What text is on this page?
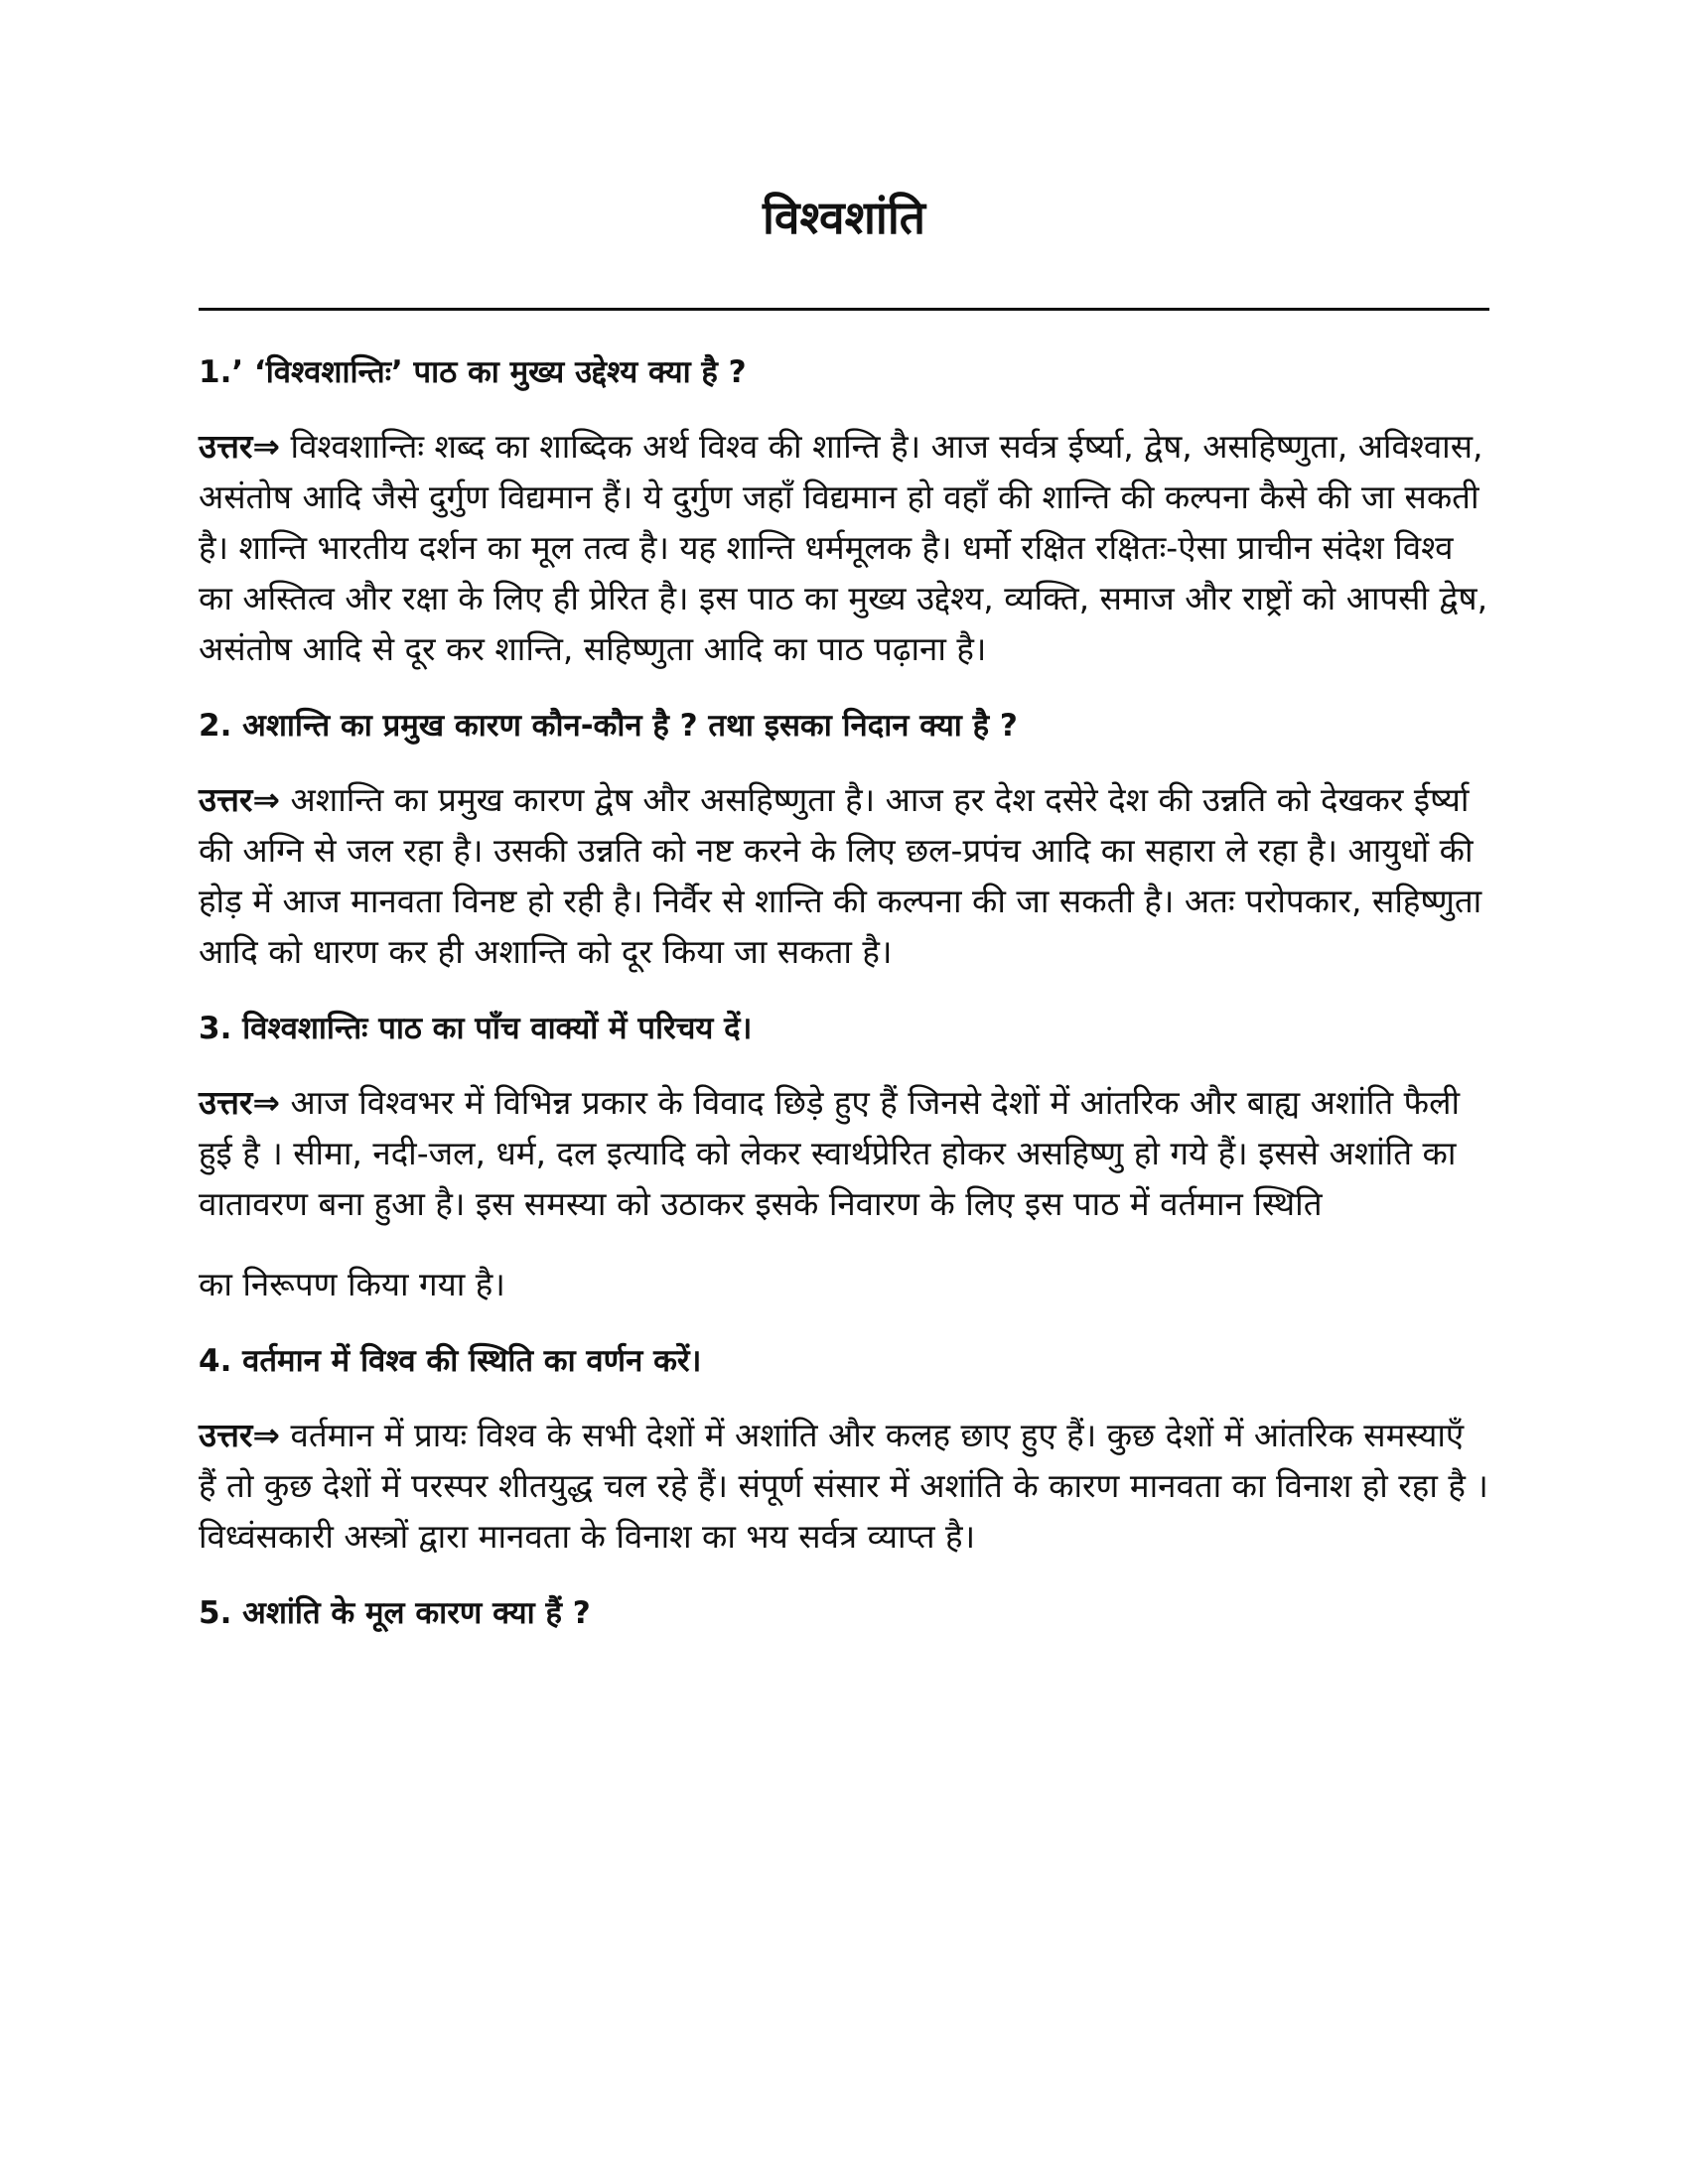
विश्वशांति

1.’ ‘विश्वशान्तिः’ पाठ का मुख्य उद्देश्य क्या है ?

उत्तर⇒ विश्वशान्तिः शब्द का शाब्दिक अर्थ विश्व की शान्ति है। आज सर्वत्र ईर्ष्या, द्वेष, असहिष्णुता, अविश्वास, असंतोष आदि जैसे दुर्गुण विद्यमान हैं। ये दुर्गुण जहाँ विद्यमान हो वहाँ की शान्ति की कल्पना कैसे की जा सकती है। शान्ति भारतीय दर्शन का मूल तत्व है। यह शान्ति धर्ममूलक है। धर्मो रक्षित रक्षितः-ऐसा प्राचीन संदेश विश्व का अस्तित्व और रक्षा के लिए ही प्रेरित है। इस पाठ का मुख्य उद्देश्य, व्यक्ति, समाज और राष्ट्रों को आपसी द्वेष, असंतोष आदि से दूर कर शान्ति, सहिष्णुता आदि का पाठ पढ़ाना है।

2. अशान्ति का प्रमुख कारण कौन-कौन है ? तथा इसका निदान क्या है ?

उत्तर⇒ अशान्ति का प्रमुख कारण द्वेष और असहिष्णुता है। आज हर देश दसेरे देश की उन्नति को देखकर ईर्ष्या की अग्नि से जल रहा है। उसकी उन्नति को नष्ट करने के लिए छल-प्रपंच आदि का सहारा ले रहा है। आयुधों की होड़ में आज मानवता विनष्ट हो रही है। निर्वैर से शान्ति की कल्पना की जा सकती है। अतः परोपकार, सहिष्णुता आदि को धारण कर ही अशान्ति को दूर किया जा सकता है।

3. विश्वशान्तिः पाठ का पाँच वाक्यों में परिचय दें।

उत्तर⇒ आज विश्वभर में विभिन्न प्रकार के विवाद छिड़े हुए हैं जिनसे देशों में आंतरिक और बाह्य अशांति फैली हुई है । सीमा, नदी-जल, धर्म, दल इत्यादि को लेकर स्वार्थप्रेरित होकर असहिष्णु हो गये हैं। इससे अशांति का वातावरण बना हुआ है। इस समस्या को उठाकर इसके निवारण के लिए इस पाठ में वर्तमान स्थिति

का निरूपण किया गया है।

4. वर्तमान में विश्व की स्थिति का वर्णन करें।

उत्तर⇒ वर्तमान में प्रायः विश्व के सभी देशों में अशांति और कलह छाए हुए हैं। कुछ देशों में आंतरिक समस्याएँ हैं तो कुछ देशों में परस्पर शीतयुद्ध चल रहे हैं। संपूर्ण संसार में अशांति के कारण मानवता का विनाश हो रहा है । विध्वंसकारी अस्त्रों द्वारा मानवता के विनाश का भय सर्वत्र व्याप्त है।

5. अशांति के मूल कारण क्या हैं ?
